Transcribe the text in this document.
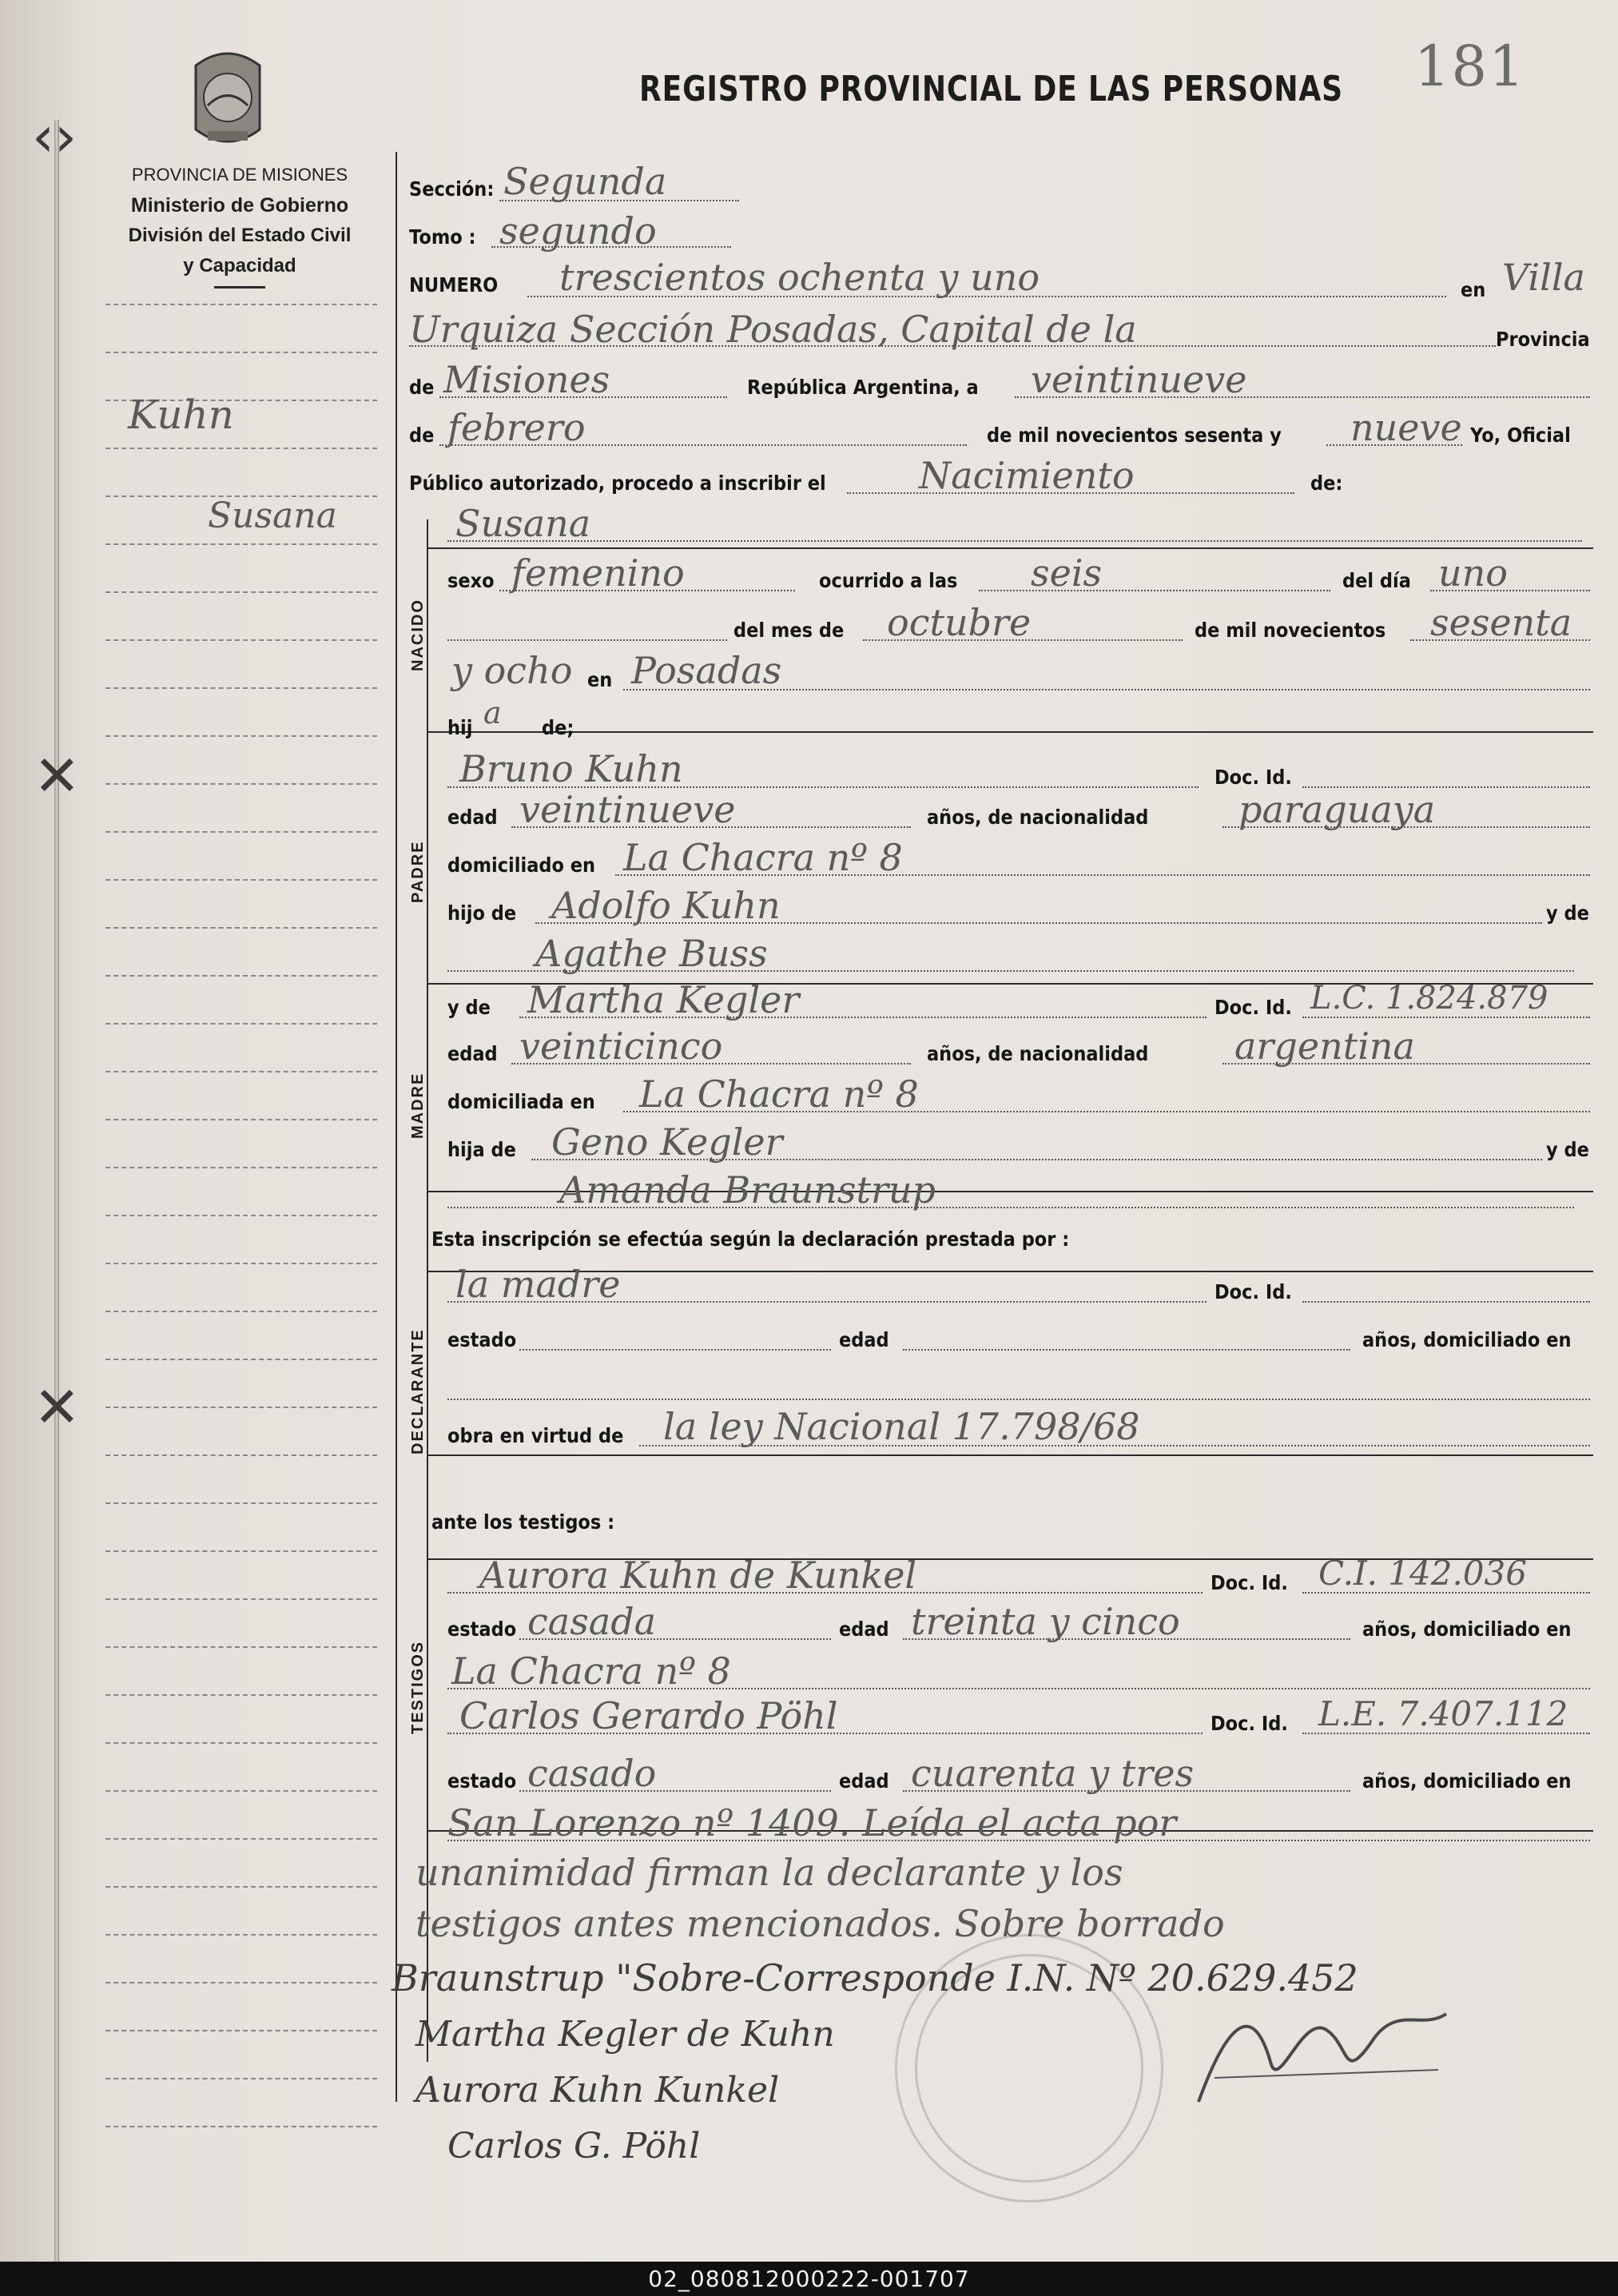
‹›
✕
✕
181
REGISTRO PROVINCIAL DE LAS PERSONAS
PROVINCIA DE MISIONES
Ministerio de Gobierno
División del Estado Civil
y Capacidad
Kuhn
Susana
NACIDO
PADRE
MADRE
DECLARANTE
TESTIGOS
Sección: Segunda
Tomo : segundo
NUMERO trescientos ochenta y uno	en Villa
Urquiza Sección Posadas, Capital de la	Provincia
de Misiones	República Argentina, a veintinueve
de febrero	de mil novecientos sesenta y nueve Yo, Oficial
Público autorizado, procedo a inscribir el	Nacimiento	de:
Susana
sexo femenino	ocurrido a las seis	del día uno
del mes de octubre	de mil novecientos sesenta
y ocho en Posadas
hij a de;
Bruno Kuhn	Doc. Id.
edad veintinueve	años, de nacionalidad paraguaya
domiciliado en La Chacra nº 8
hijo de Adolfo Kuhn	y de
Agathe Buss
y de Martha Kegler	Doc. Id. L.C. 1.824.879
edad veinticinco	años, de nacionalidad argentina
domiciliada en La Chacra nº 8
hija de Geno Kegler	y de
Amanda Braunstrup
Esta inscripción se efectúa según la declaración prestada por :
la madre	Doc. Id.
estado	edad	años, domiciliado en
obra en virtud de la ley Nacional 17.798/68
ante los testigos :
Aurora Kuhn de Kunkel	Doc. Id. C.I. 142.036
estado casada	edad treinta y cinco	años, domiciliado en
La Chacra nº 8
Carlos Gerardo Pöhl	Doc. Id. L.E. 7.407.112
estado casado	edad cuarenta y tres	años, domiciliado en
San Lorenzo nº 1409. Leída el acta por
unanimidad firman la declarante y los
testigos antes mencionados. Sobre borrado
Braunstrup "Sobre-Corresponde I.N. Nº 20.629.452
Martha Kegler de Kuhn
Aurora Kuhn Kunkel
Carlos G. Pöhl
02_080812000222-001707
